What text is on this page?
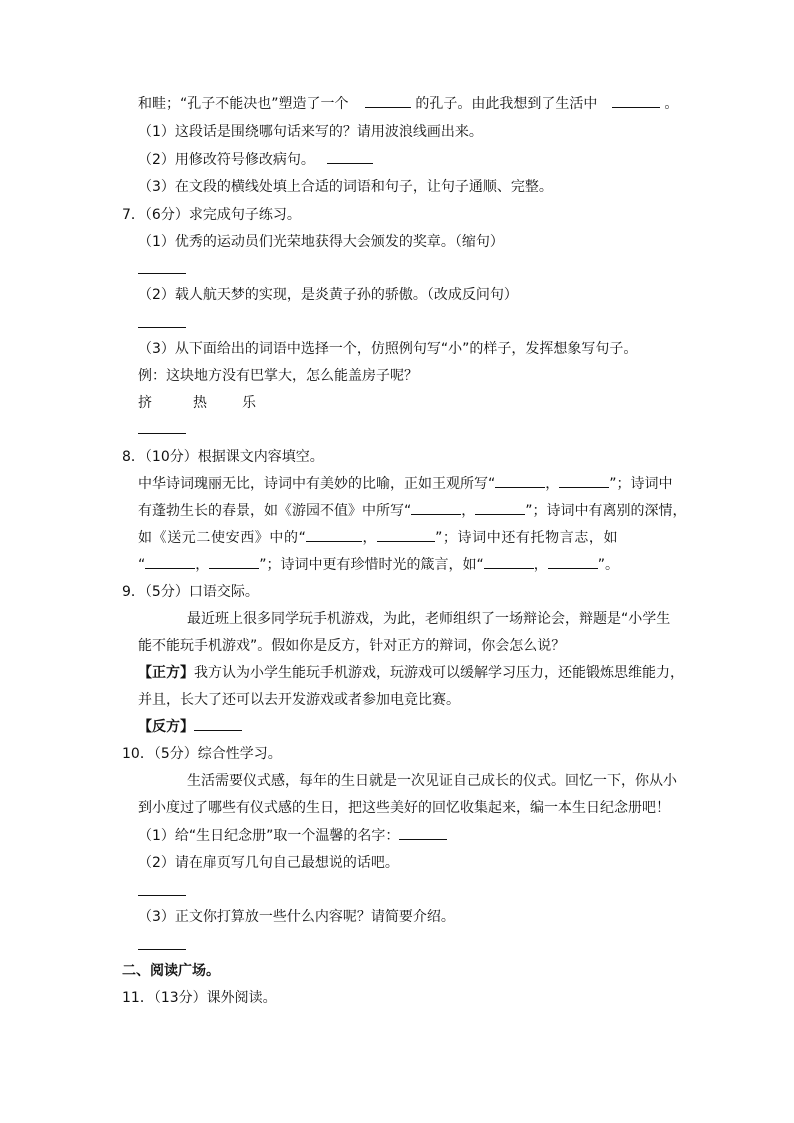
和畦；“孔子不能决也”塑造了一个	的孔子。由此我想到了生活中	。
（1）这段话是围绕哪句话来写的？请用波浪线画出来。
（2）用修改符号修改病句。
（3）在文段的横线处填上合适的词语和句子，让句子通顺、完整。
7．（6分）求完成句子练习。
（1）优秀的运动员们光荣地获得大会颁发的奖章。（缩句）
（2）载人航天梦的实现，是炎黄子孙的骄傲。（改成反问句）
（3）从下面给出的词语中选择一个，仿照例句写“小”的样子，发挥想象写句子。
例：这块地方没有巴掌大，怎么能盖房子呢？
挤	热	乐
8．（10分）根据课文内容填空。
中华诗词瑰丽无比，诗词中有美妙的比喻，正如王观所写“	，	”；诗词中
有蓬勃生长的春景，如《游园不值》中所写“	，	”；诗词中有离别的深情，
如《送元二使安西》中的“	，	”；诗词中还有托物言志，如
“	，	”；诗词中更有珍惜时光的箴言，如“	，	”。
9．（5分）口语交际。
最近班上很多同学玩手机游戏，为此，老师组织了一场辩论会，辩题是“小学生
能不能玩手机游戏”。假如你是反方，针对正方的辩词，你会怎么说？
【正方】我方认为小学生能玩手机游戏，玩游戏可以缓解学习压力，还能锻炼思维能力，
并且，长大了还可以去开发游戏或者参加电竞比赛。
【反方】
10．（5分）综合性学习。
生活需要仪式感，每年的生日就是一次见证自己成长的仪式。回忆一下，你从小
到小度过了哪些有仪式感的生日，把这些美好的回忆收集起来，编一本生日纪念册吧！
（1）给“生日纪念册”取一个温馨的名字：
（2）请在扉页写几句自己最想说的话吧。
（3）正文你打算放一些什么内容呢？请简要介绍。
二、阅读广场。
11．（13分）课外阅读。
